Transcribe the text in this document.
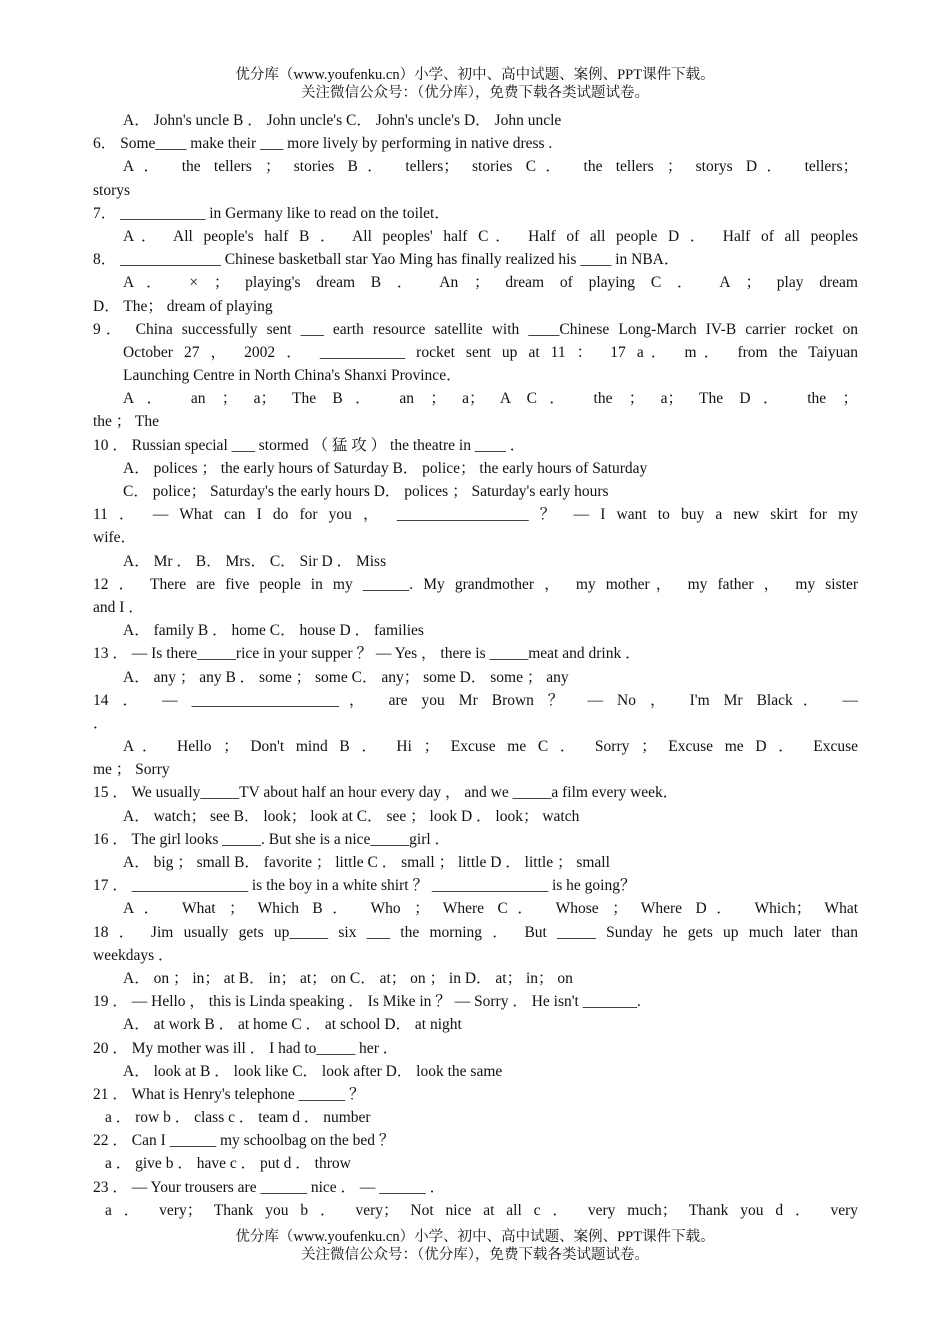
优分库（www.youfenku.cn）小学、初中、高中试题、案例、PPT课件下载。
关注微信公众号：（优分库），免费下载各类试题试卷。
A． John's uncle B ． John uncle's C． John's uncle's D． John uncle
6． Some____ make their ___ more lively by performing in native dress .
A． the tellers ； stories B． tellers； stories C． the tellers ； storys D． tellers；
storys
7． ___________ in Germany like to read on the toilet．
A． All people's half B ． All peoples' half C． Half of all people D ． Half of all peoples
8． _____________ Chinese basketball star Yao Ming has finally realized his ____ in NBA．
A． × ； playing's dream B ． An ； dream of playing C ． A ； play dream
D． The； dream of playing
9． China successfully sent ___ earth resource satellite with ____Chinese Long-March IV-B carrier rocket on
October 27 ， 2002 ． ___________ rocket sent up at 11 ： 17 a． m． from the Taiyuan
Launching Centre in North China's Shanxi Province．
A． an ； a； The B． an ； a； A C． the ； a； The D． the ；
the ； The
10 ． Russian special ___ stormed （ 猛 攻 ） the theatre in ____ ．
A． polices ； the early hours of Saturday B． police； the early hours of Saturday
C． police； Saturday's the early hours D． polices ； Saturday's early hours
11 ． — What can I do for you ， _________________ ？ — I want to buy a new skirt for my
wife．
A． Mr ． B． Mrs． C． Sir D ． Miss
12 ． There are five people in my ______. My grandmother ， my mother， my father ， my sister
and I ．
A． family B ． home C． house D ． families
13 ． — Is there_____rice in your supper ？ — Yes ， there is _____meat and drink ．
A． any ； any B ． some ； some C． any； some D． some ； any
14 ． — ___________________， are you Mr Brown ？ — No ， I'm Mr Black． —
．
A． Hello ； Don't mind B ． Hi ； Excuse me C ． Sorry ； Excuse me D ． Excuse
me ； Sorry
15 ． We usually_____TV about half an hour every day ， and we _____a film every week．
A． watch； see B． look； look at C． see ； look D ． look； watch
16 ． The girl looks _____. But she is a nice_____girl ．
A． big ； small B． favorite ； little C ． small ； little D ． little ； small
17 ． _______________ is the boy in a white shirt ？ _______________ is he going？
A． What ； Which B． Who ； Where C． Whose ； Where D． Which； What
18 ． Jim usually gets up_____ six ___ the morning ． But _____ Sunday he gets up much later than
weekdays ．
A． on ； in； at B． in； at； on C． at； on ； in D． at； in； on
19 ． — Hello ， this is Linda speaking ． Is Mike in ？ — Sorry ． He isn't _______.
A． at work B ． at home C ． at school D． at night
20 ． My mother was ill ． I had to_____ her ．
A． look at B ． look like C． look after D． look the same
21 ． What is Henry's telephone ______ ？
a ． row b ． class c ． team d ． number
22 ． Can I ______ my schoolbag on the bed ？
a ． give b ． have c ． put d ． throw
23 ． — Your trousers are ______ nice ． — ______ ．
a ． very； Thank you b ． very； Not nice at all c ． very much； Thank you d ． very
优分库（www.youfenku.cn）小学、初中、高中试题、案例、PPT课件下载。
关注微信公众号：（优分库），免费下载各类试题试卷。
